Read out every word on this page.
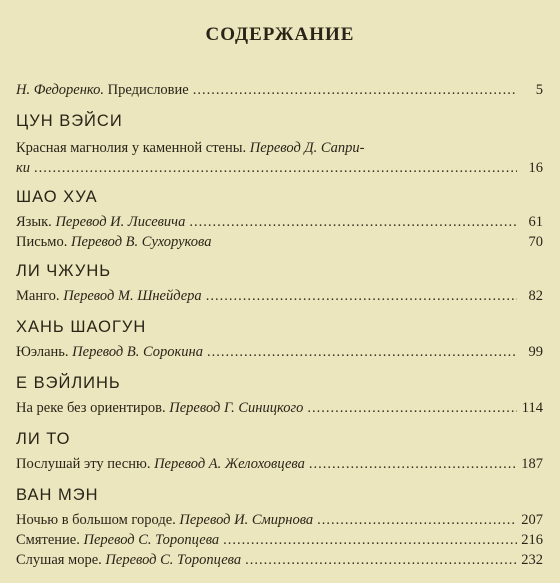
СОДЕРЖАНИЕ
Н. Федоренко. Предисловие .....	5
ЦУН ВЭЙСИ
Красная магнолия у каменной стены. Перевод Д. Сапри-
ки .....	16
ШАО ХУА
Язык. Перевод И. Лисевича .....	61
Письмо. Перевод В. Сухорукова	70
ЛИ ЧЖУНЬ
Манго. Перевод М. Шнейдера .....	82
ХАНЬ ШАОГУН
Юэлань. Перевод В. Сорокина .....	99
Е ВЭЙЛИНЬ
На реке без ориентиров. Перевод Г. Синицкого .....	114
ЛИ ТО
Послушай эту песню. Перевод А. Желоховцева .....	187
ВАН МЭН
Ночью в большом городе. Перевод И. Смирнова .....	207
Смятение. Перевод С. Торопцева .....	216
Слушая море. Перевод С. Торопцева .....	232
